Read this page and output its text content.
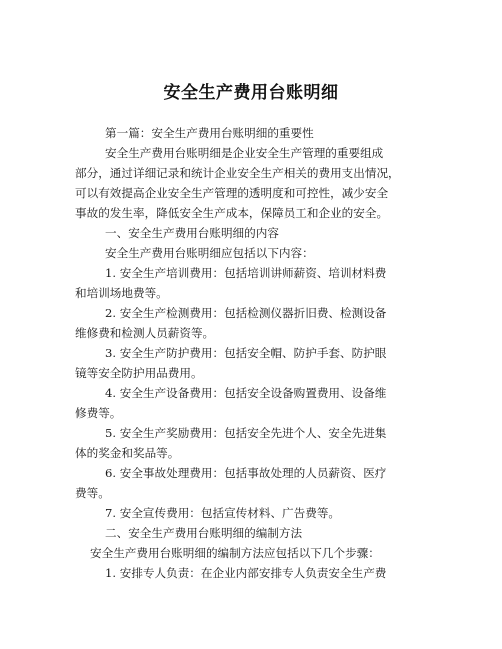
安全生产费用台账明细
第一篇：安全生产费用台账明细的重要性
安全生产费用台账明细是企业安全生产管理的重要组成
部分，通过详细记录和统计企业安全生产相关的费用支出情况，
可以有效提高企业安全生产管理的透明度和可控性，减少安全
事故的发生率，降低安全生产成本，保障员工和企业的安全。
一、安全生产费用台账明细的内容
安全生产费用台账明细应包括以下内容：
1. 安全生产培训费用：包括培训讲师薪资、培训材料费
和培训场地费等。
2. 安全生产检测费用：包括检测仪器折旧费、检测设备
维修费和检测人员薪资等。
3. 安全生产防护费用：包括安全帽、防护手套、防护眼
镜等安全防护用品费用。
4. 安全生产设备费用：包括安全设备购置费用、设备维
修费等。
5. 安全生产奖励费用：包括安全先进个人、安全先进集
体的奖金和奖品等。
6. 安全事故处理费用：包括事故处理的人员薪资、医疗
费等。
7. 安全宣传费用：包括宣传材料、广告费等。
二、安全生产费用台账明细的编制方法
安全生产费用台账明细的编制方法应包括以下几个步骤：
1. 安排专人负责：在企业内部安排专人负责安全生产费
